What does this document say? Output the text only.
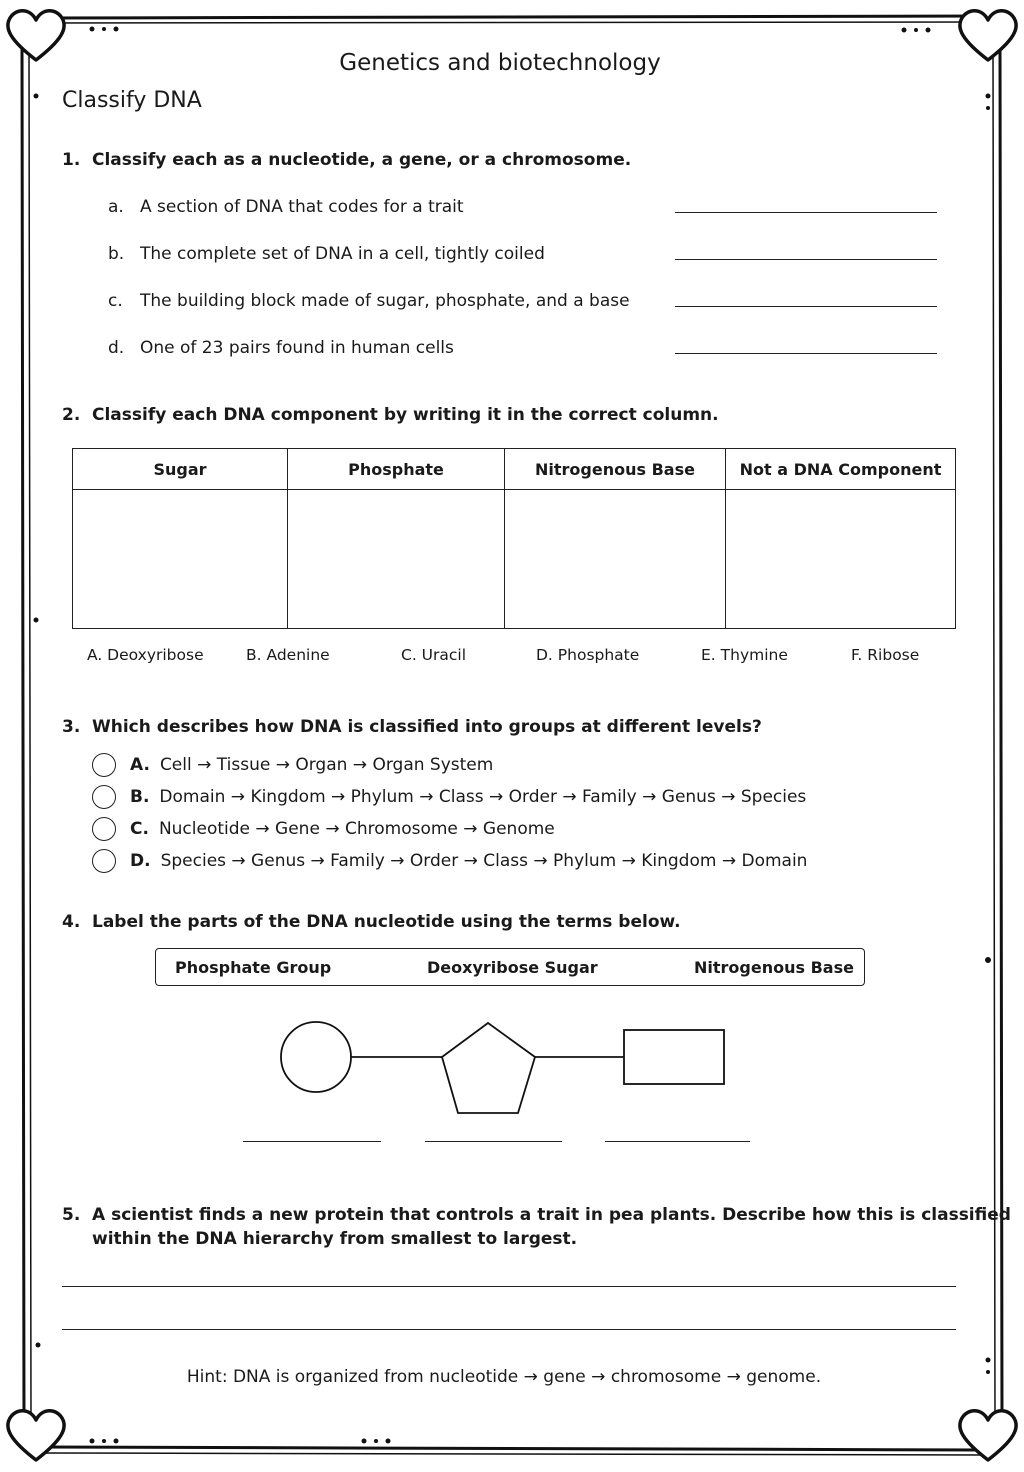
Genetics and biotechnology
Classify DNA
1. Classify each as a nucleotide, a gene, or a chromosome.
a. A section of DNA that codes for a trait
b. The complete set of DNA in a cell, tightly coiled
c. The building block made of sugar, phosphate, and a base
d. One of 23 pairs found in human cells
2. Classify each DNA component by writing it in the correct column.
Sugar	Phosphate	Nitrogenous Base	Not a DNA Component

A. Deoxyribose	B. Adenine	C. Uracil	D. Phosphate	E. Thymine	F. Ribose
3. Which describes how DNA is classified into groups at different levels?
A. Cell → Tissue → Organ → Organ System
B. Domain → Kingdom → Phylum → Class → Order → Family → Genus → Species
C. Nucleotide → Gene → Chromosome → Genome
D. Species → Genus → Family → Order → Class → Phylum → Kingdom → Domain
4. Label the parts of the DNA nucleotide using the terms below.
Phosphate Group	Deoxyribose Sugar	Nitrogenous Base
5. A scientist finds a new protein that controls a trait in pea plants. Describe how this is classified
within the DNA hierarchy from smallest to largest.
Hint: DNA is organized from nucleotide → gene → chromosome → genome.
